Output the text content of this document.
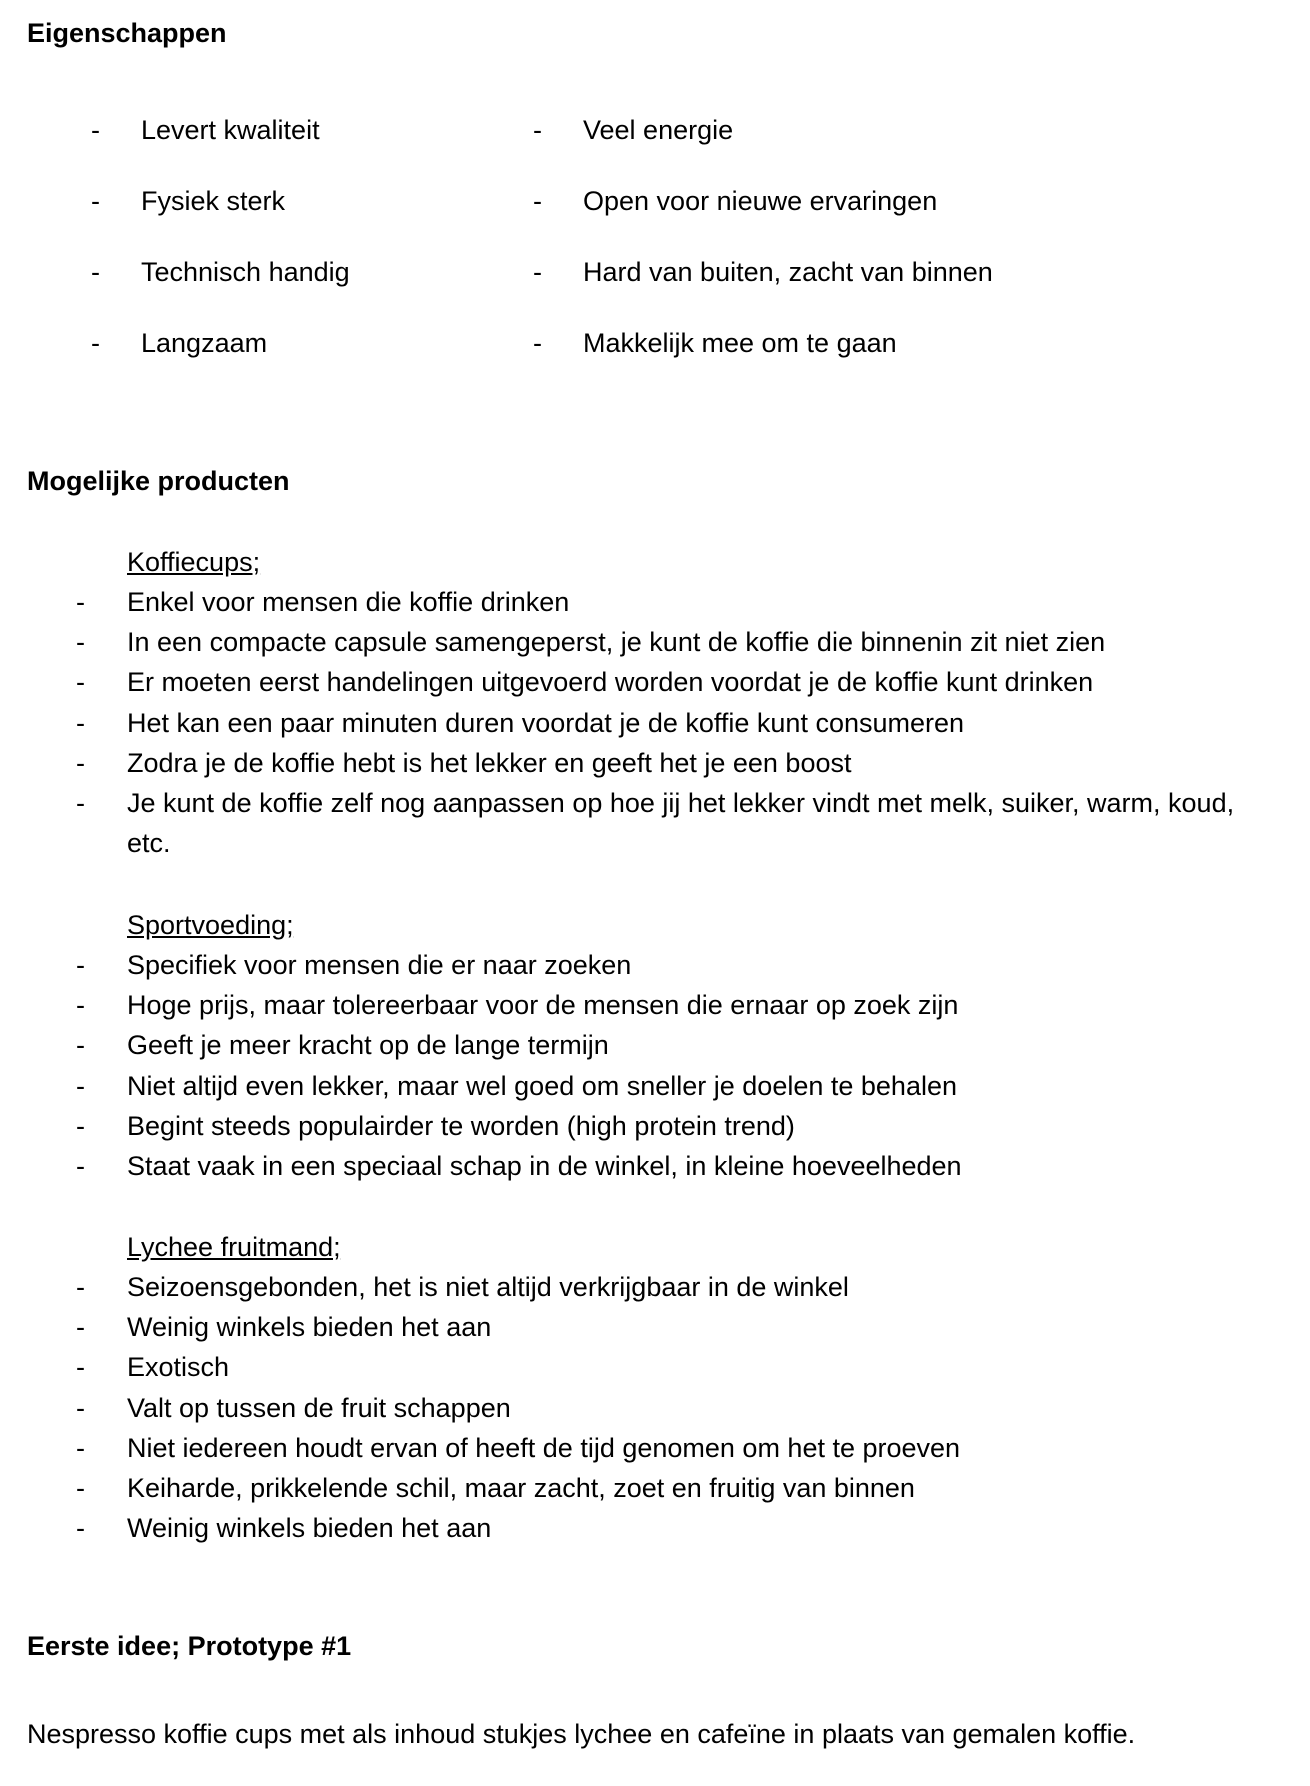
Eigenschappen
- Levert kwaliteit
- Fysiek sterk
- Technisch handig
- Langzaam
- Veel energie
- Open voor nieuwe ervaringen
- Hard van buiten, zacht van binnen
- Makkelijk mee om te gaan
Mogelijke producten

Koffiecups;

- Enkel voor mensen die koffie drinken
- In een compacte capsule samengeperst, je kunt de koffie die binnenin zit niet zien
- Er moeten eerst handelingen uitgevoerd worden voordat je de koffie kunt drinken
- Het kan een paar minuten duren voordat je de koffie kunt consumeren
- Zodra je de koffie hebt is het lekker en geeft het je een boost
- Je kunt de koffie zelf nog aanpassen op hoe jij het lekker vindt met melk, suiker, warm, koud, etc.

Sportvoeding;

- Specifiek voor mensen die er naar zoeken
- Hoge prijs, maar tolereerbaar voor de mensen die ernaar op zoek zijn
- Geeft je meer kracht op de lange termijn
- Niet altijd even lekker, maar wel goed om sneller je doelen te behalen
- Begint steeds populairder te worden (high protein trend)
- Staat vaak in een speciaal schap in de winkel, in kleine hoeveelheden

Lychee fruitmand;

- Seizoensgebonden, het is niet altijd verkrijgbaar in de winkel
- Weinig winkels bieden het aan
- Exotisch
- Valt op tussen de fruit schappen
- Niet iedereen houdt ervan of heeft de tijd genomen om het te proeven
- Keiharde, prikkelende schil, maar zacht, zoet en fruitig van binnen
- Weinig winkels bieden het aan
Eerste idee; Prototype #1

Nespresso koffie cups met als inhoud stukjes lychee en cafeïne in plaats van gemalen koffie.
